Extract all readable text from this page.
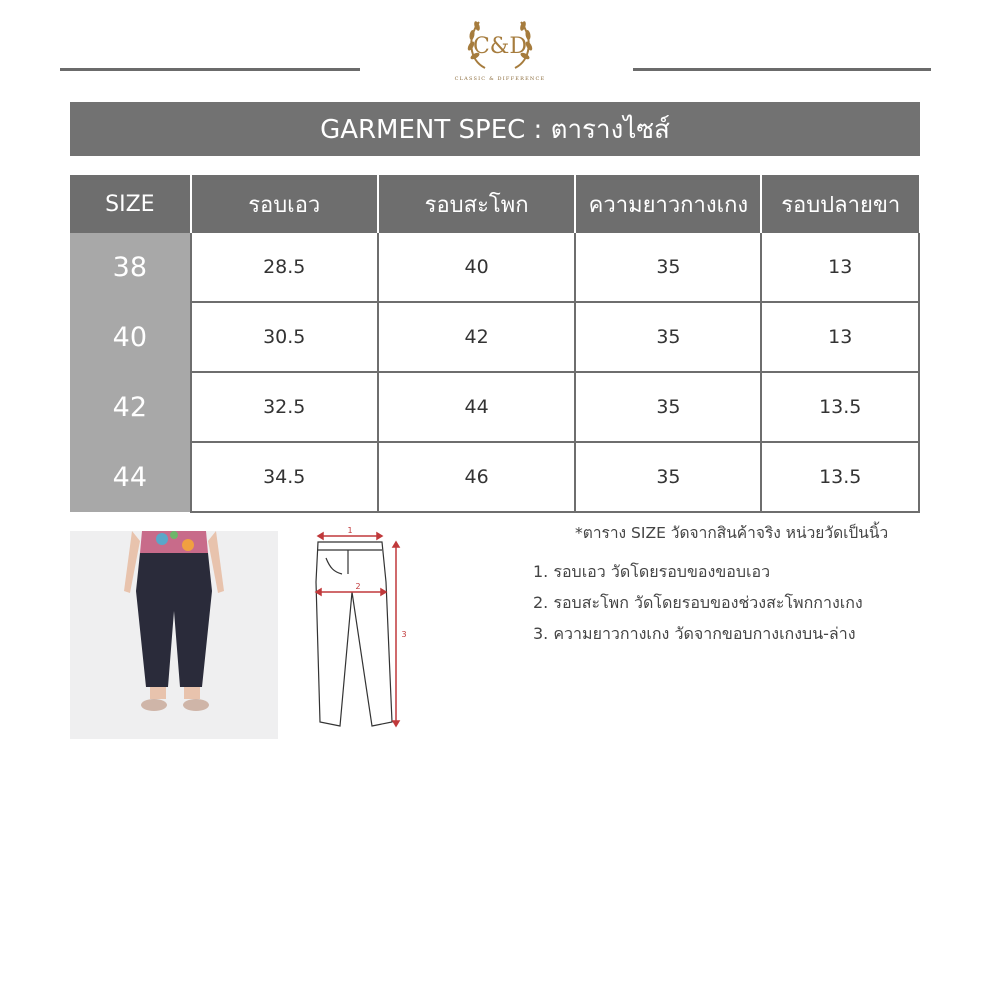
C&D
CLASSIC & DIFFERENCE
GARMENT SPEC : ตารางไซส์
SIZE	รอบเอว	รอบสะโพก	ความยาวกางเกง	รอบปลายขา
38	28.5	40	35	13
40	30.5	42	35	13
42	32.5	44	35	13.5
44	34.5	46	35	13.5
1
2
3
*ตาราง SIZE วัดจากสินค้าจริง หน่วยวัดเป็นนิ้ว
1. รอบเอว วัดโดยรอบของขอบเอว
2. รอบสะโพก วัดโดยรอบของช่วงสะโพกกางเกง
3. ความยาวกางเกง วัดจากขอบกางเกงบน-ล่าง
